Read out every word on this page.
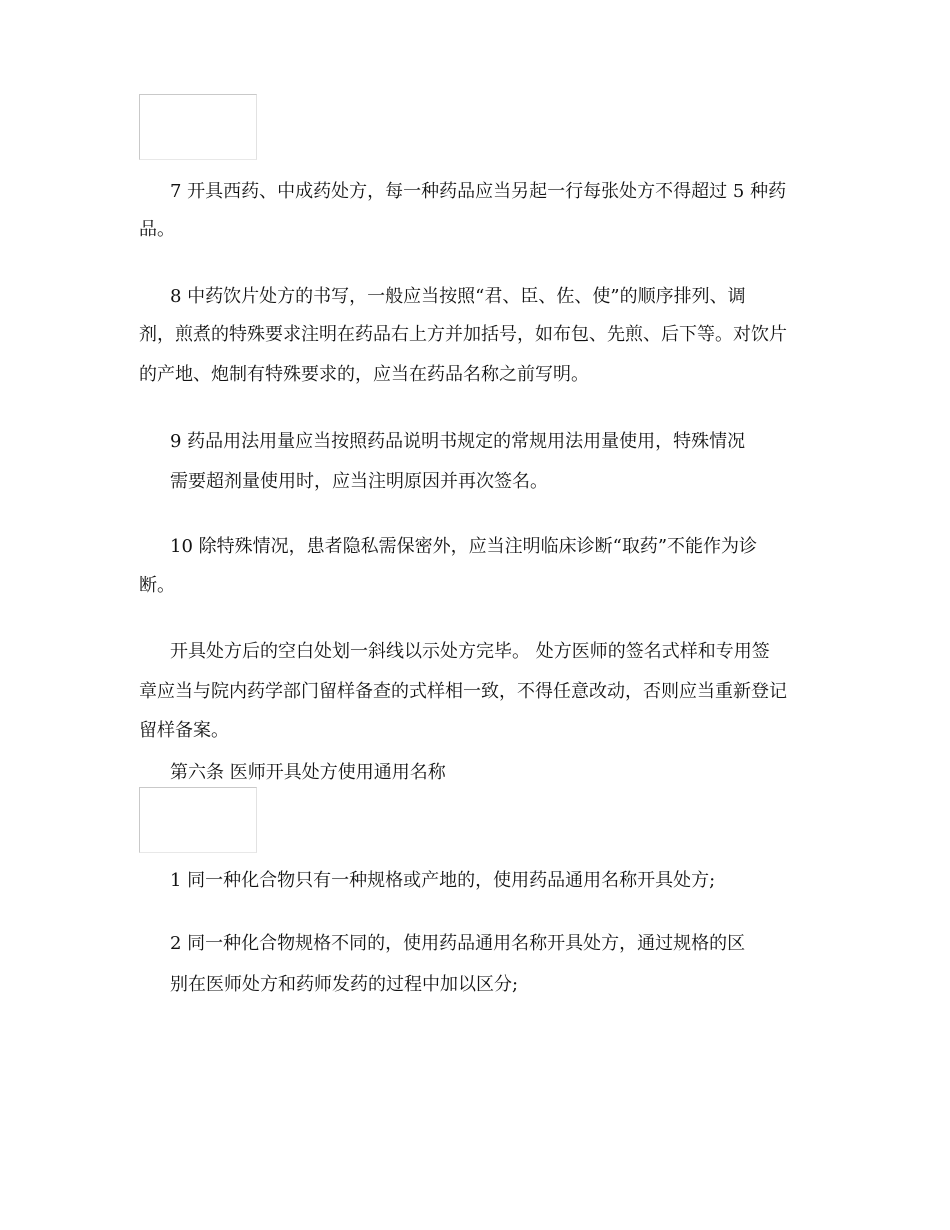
7 开具西药、中成药处方，每一种药品应当另起一行每张处方不得超过 5 种药
品。
8 中药饮片处方的书写，一般应当按照“君、臣、佐、使”的顺序排列、调
剂，煎煮的特殊要求注明在药品右上方并加括号，如布包、先煎、后下等。对饮片
的产地、炮制有特殊要求的，应当在药品名称之前写明。
9 药品用法用量应当按照药品说明书规定的常规用法用量使用，特殊情况
需要超剂量使用时，应当注明原因并再次签名。
10 除特殊情况，患者隐私需保密外，应当注明临床诊断“取药”不能作为诊
断。
开具处方后的空白处划一斜线以示处方完毕。 处方医师的签名式样和专用签
章应当与院内药学部门留样备查的式样相一致，不得任意改动，否则应当重新登记
留样备案。
第六条 医师开具处方使用通用名称
1 同一种化合物只有一种规格或产地的，使用药品通用名称开具处方;
2 同一种化合物规格不同的，使用药品通用名称开具处方，通过规格的区
别在医师处方和药师发药的过程中加以区分;
